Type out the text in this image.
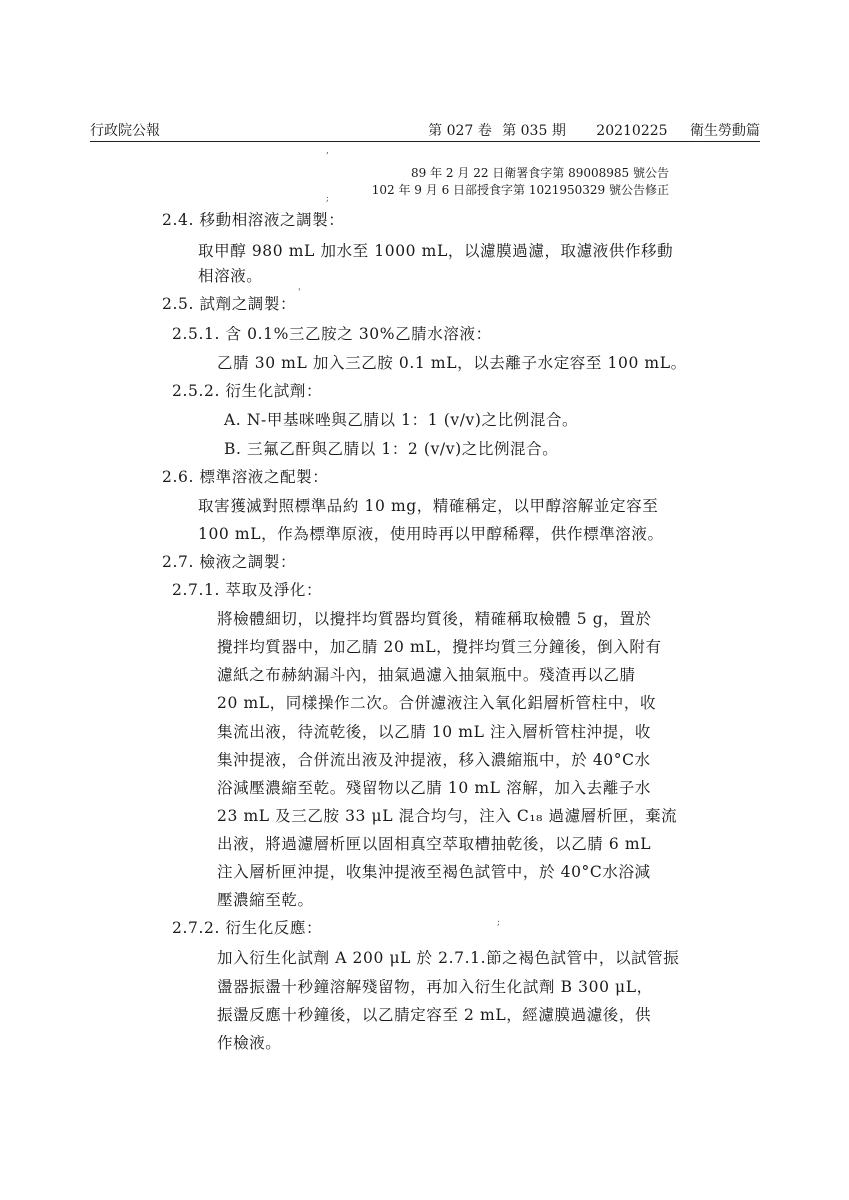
行政院公報	第 027 卷 第 035 期 20210225 衛生勞動篇
89 年 2 月 22 日衛署食字第 89008985 號公告
102 年 9 月 6 日部授食字第 1021950329 號公告修正
2.4. 移動相溶液之調製：
取甲醇 980 mL 加水至 1000 mL，以濾膜過濾，取濾液供作移動
相溶液。
2.5. 試劑之調製：
2.5.1. 含 0.1%三乙胺之 30%乙腈水溶液：
乙腈 30 mL 加入三乙胺 0.1 mL，以去離子水定容至 100 mL。
2.5.2. 衍生化試劑：
A. N-甲基咪唑與乙腈以 1：1 (v/v)之比例混合。
B. 三氟乙酐與乙腈以 1：2 (v/v)之比例混合。
2.6. 標準溶液之配製：
取害獲滅對照標準品約 10 mg，精確稱定，以甲醇溶解並定容至
100 mL，作為標準原液，使用時再以甲醇稀釋，供作標準溶液。
2.7. 檢液之調製：
2.7.1. 萃取及淨化：
將檢體細切，以攪拌均質器均質後，精確稱取檢體 5 g，置於
攪拌均質器中，加乙腈 20 mL，攪拌均質三分鐘後，倒入附有
濾紙之布赫納漏斗內，抽氣過濾入抽氣瓶中。殘渣再以乙腈
20 mL，同樣操作二次。合併濾液注入氧化鋁層析管柱中，收
集流出液，待流乾後，以乙腈 10 mL 注入層析管柱沖提，收
集沖提液，合併流出液及沖提液，移入濃縮瓶中，於 40°C水
浴減壓濃縮至乾。殘留物以乙腈 10 mL 溶解，加入去離子水
23 mL 及三乙胺 33 μL 混合均勻，注入 C₁₈ 過濾層析匣，棄流
出液，將過濾層析匣以固相真空萃取槽抽乾後，以乙腈 6 mL
注入層析匣沖提，收集沖提液至褐色試管中，於 40°C水浴減
壓濃縮至乾。
2.7.2. 衍生化反應：
加入衍生化試劑 A 200 μL 於 2.7.1.節之褐色試管中，以試管振
盪器振盪十秒鐘溶解殘留物，再加入衍生化試劑 B 300 μL，
振盪反應十秒鐘後，以乙腈定容至 2 mL，經濾膜過濾後，供
作檢液。
,
;
'
;
